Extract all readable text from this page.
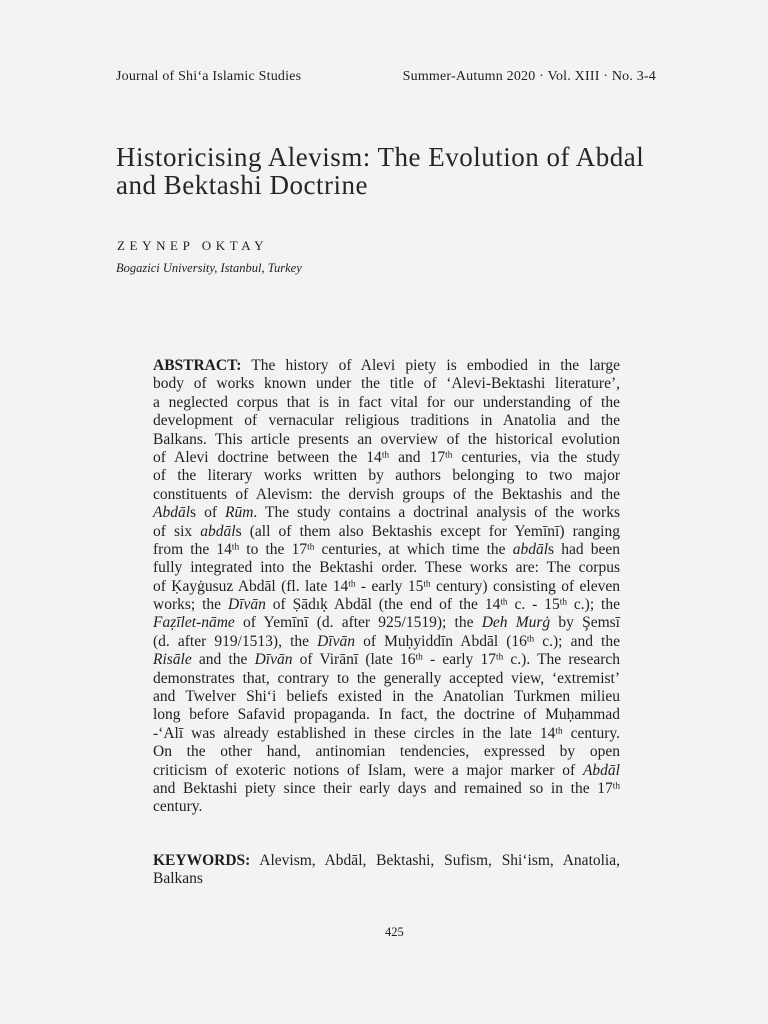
Journal of Shi‘a Islamic Studies	Summer-Autumn 2020 · Vol. XIII · No. 3-4
Historicising Alevism: The Evolution of Abdal
and Bektashi Doctrine
ZEYNEP OKTAY
Bogazici University, Istanbul, Turkey
ABSTRACT: The history of Alevi piety is embodied in the large
body of works known under the title of ‘Alevi-Bektashi literature’,
a neglected corpus that is in fact vital for our understanding of the
development of vernacular religious traditions in Anatolia and the
Balkans. This article presents an overview of the historical evolution
of Alevi doctrine between the 14th and 17th centuries, via the study
of the literary works written by authors belonging to two major
constituents of Alevism: the dervish groups of the Bektashis and the
Abdāls of Rūm. The study contains a doctrinal analysis of the works
of six abdāls (all of them also Bektashis except for Yemīnī) ranging
from the 14th to the 17th centuries, at which time the abdāls had been
fully integrated into the Bektashi order. These works are: The corpus
of Ḳayġusuz Abdāl (fl. late 14th - early 15th century) consisting of eleven
works; the Dīvān of Ṣādıḳ Abdāl (the end of the 14th c. - 15th c.); the
Faẓīlet-nāme of Yemīnī (d. after 925/1519); the Deh Murġ by Şemsī
(d. after 919/1513), the Dīvān of Muḥyiddīn Abdāl (16th c.); and the
Risāle and the Dīvān of Virānī (late 16th - early 17th c.). The research
demonstrates that, contrary to the generally accepted view, ‘extremist’
and Twelver Shi‘i beliefs existed in the Anatolian Turkmen milieu
long before Safavid propaganda. In fact, the doctrine of Muḥammad
-‘Alī was already established in these circles in the late 14th century.
On the other hand, antinomian tendencies, expressed by open
criticism of exoteric notions of Islam, were a major marker of Abdāl
and Bektashi piety since their early days and remained so in the 17th
century.
KEYWORDS: Alevism, Abdāl, Bektashi, Sufism, Shi‘ism, Anatolia,
Balkans
425
